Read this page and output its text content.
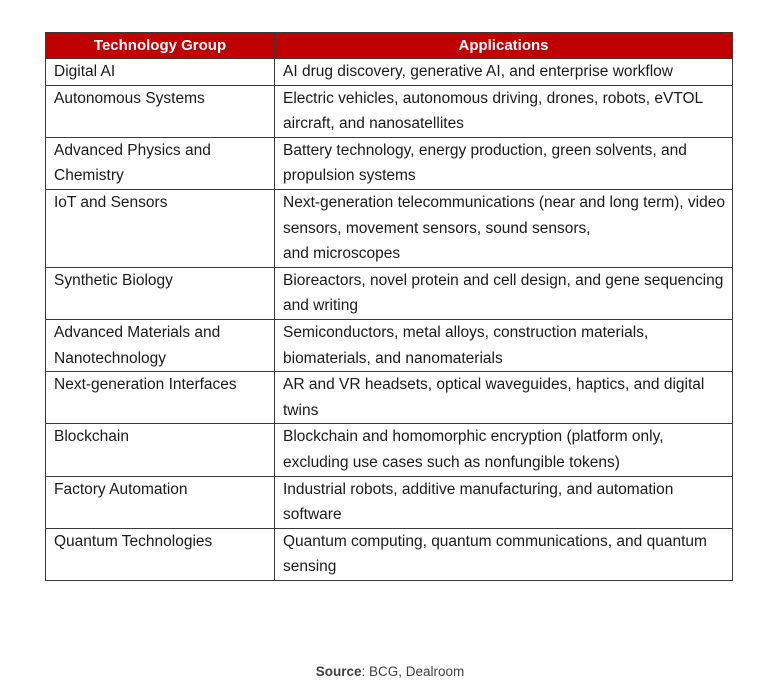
Technology Group	Applications
Digital AI	AI drug discovery, generative AI, and enterprise workflow
Autonomous Systems	Electric vehicles, autonomous driving, drones, robots, eVTOL aircraft, and nanosatellites
Advanced Physics and Chemistry	Battery technology, energy production, green solvents, and propulsion systems
IoT and Sensors	Next-generation telecommunications (near and long term), video sensors, movement sensors, sound sensors,
and microscopes
Synthetic Biology	Bioreactors, novel protein and cell design, and gene sequencing and writing
Advanced Materials and Nanotechnology	Semiconductors, metal alloys, construction materials, biomaterials, and nanomaterials
Next-generation Interfaces	AR and VR headsets, optical waveguides, haptics, and digital twins
Blockchain	Blockchain and homomorphic encryption (platform only,
excluding use cases such as nonfungible tokens)
Factory Automation	Industrial robots, additive manufacturing, and automation software
Quantum Technologies	Quantum computing, quantum communications, and quantum sensing
Source: BCG, Dealroom
